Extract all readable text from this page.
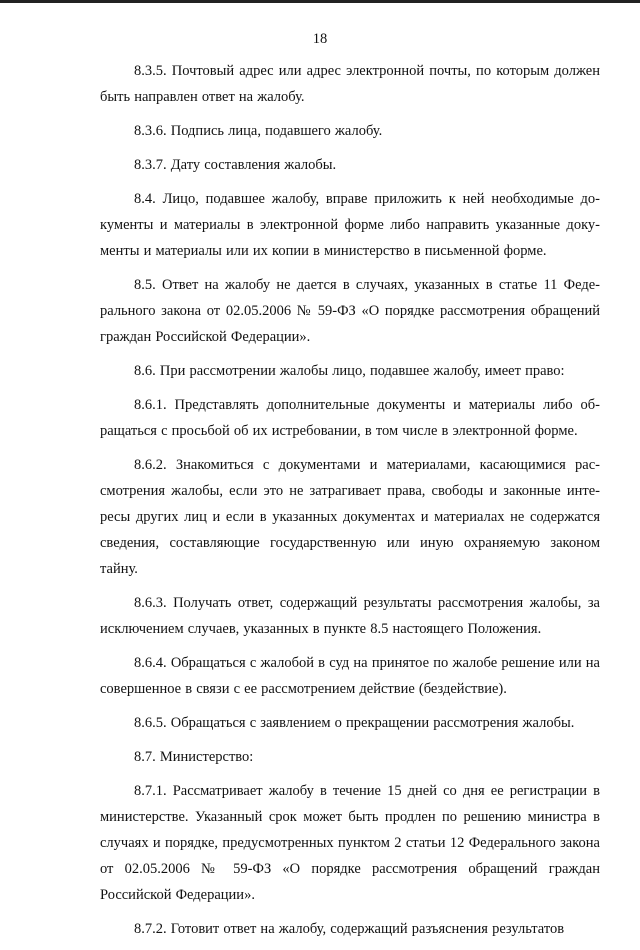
18

8.3.5. Почтовый адрес или адрес электронной почты, по которым должен быть направлен ответ на жалобу.

8.3.6. Подпись лица, подавшего жалобу.

8.3.7. Дату составления жалобы.

8.4. Лицо, подавшее жалобу, вправе приложить к ней необходимые документы и материалы в электронной форме либо направить указанные документы и материалы или их копии в министерство в письменной форме.

8.5. Ответ на жалобу не дается в случаях, указанных в статье 11 Федерального закона от 02.05.2006 № 59-ФЗ «О порядке рассмотрения обращений граждан Российской Федерации».

8.6. При рассмотрении жалобы лицо, подавшее жалобу, имеет право:

8.6.1. Представлять дополнительные документы и материалы либо обращаться с просьбой об их истребовании, в том числе в электронной форме.

8.6.2. Знакомиться с документами и материалами, касающимися рассмотрения жалобы, если это не затрагивает права, свободы и законные интересы других лиц и если в указанных документах и материалах не содержатся сведения, составляющие государственную или иную охраняемую законом тайну.

8.6.3. Получать ответ, содержащий результаты рассмотрения жалобы, за исключением случаев, указанных в пункте 8.5 настоящего Положения.

8.6.4. Обращаться с жалобой в суд на принятое по жалобе решение или на совершенное в связи с ее рассмотрением действие (бездействие).

8.6.5. Обращаться с заявлением о прекращении рассмотрения жалобы.

8.7. Министерство:

8.7.1. Рассматривает жалобу в течение 15 дней со дня ее регистрации в министерстве. Указанный срок может быть продлен по решению министра в случаях и порядке, предусмотренных пунктом 2 статьи 12 Федерального закона от 02.05.2006 № 59-ФЗ «О порядке рассмотрения обращений граждан Российской Федерации».

8.7.2. Готовит ответ на жалобу, содержащий разъяснения результатов
